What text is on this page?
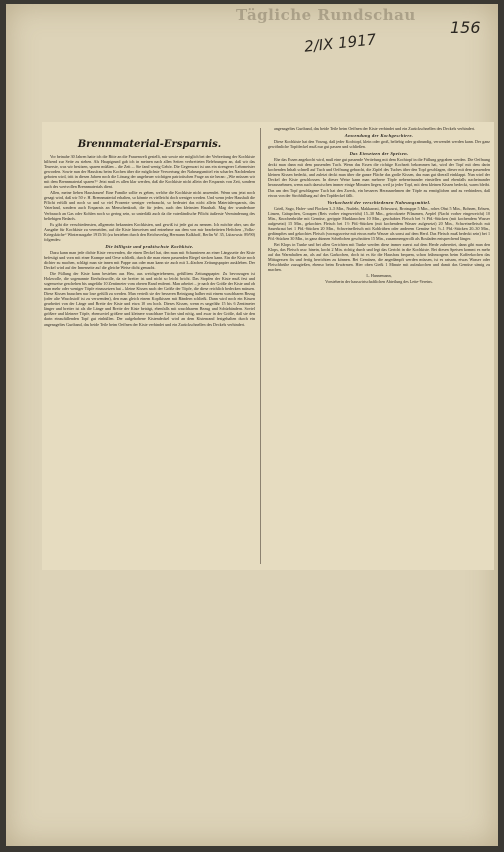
Tägliche Rundschau
2/IX 1917
156
Brennmaterial-Ersparnis.

Vor beinahe 30 Jahren hatte ich die Bitte an die Frauenwelt gestellt, mir sowie nie möglich bei der Verbreitung der Kochkiste hilfsend zur Seite zu stehen. Als Hauptgrund gab ich in meinen nach allen Seiten verbreiteten Belehrungen an, daß wir das Teuerste, was wir besitzen, sparen müßten – die Zeit –. Sie fand wenig Gehör. Die Gegenwart ist uns ein strengerer Lehrmeister geworden. Sowie nun der Hausfrau beim Kochen über die möglichste Verwertung der Nahrungsmittel ein scharfes Nachdenken geboten wird, tritt in diesen Jahren noch die Lösung der ungeheuer wichtigen patriotischen Frage an sie heran: „Wie müssen wir mit dem Brennmaterial sparen?“ Jetzt muß es allen klar werden, daß die Kochkiste nicht allein der Ersparnis von Zeit, sondern auch des wertvollen Brennmaterials dient.

Allen, meine lieben Hausfrauen! Eine Familie sollte es geben, welche die Kochkiste nicht anwendet. Wenn uns jetzt noch gesagt wird, daß wir 50 v. H. Brennmaterial erhalten, so könnte es vielleicht doch weniger werden. Und wenn jeder Haushalt die Pflicht erfüllt und noch so und so viel Prozente weniger verbraucht, so bedeutet das nicht allein Materialersparnis, das Vaterland, sondern auch Ersparnis an Menschenkraft, die für jeden, auch den kleinsten Haushalt. Mag der wunderbare Verbrauch an Gas oder Kohlen noch so gering sein, so unterläßt auch da die vaterländische Pflicht äußerste Verminderung des beliebigen Bedarfs.

Es gibt die verschiedensten, allgemein bekannten Kochkisten, und gewiß ist jede gut zu nennen. Ich möchte aber, um die Ausgabe für Kochkiste zu vermeiden, auf die Kiste hinweisen und entnehme aus dem von mir bearbeiteten Heftchen „Volks-Kriegsküche“ Winterausgabe 1915/16 (zu beziehen durch den Reichsverlag Hermann Kalkhoff, Berlin W. 35, Lützowstr. 89/90) folgendes:

Die billigste und praktischste Kochkiste.

Dazu kann man jede dichte Kiste verwenden, die einen Deckel hat, den man mit Scharnieren an einer Längsseite der Kiste befestigt und vorn mit einer Krampe und Oese schließt, durch die man einen passenden Riegel stecken kann. Ein die Kiste noch dichter zu machen, schlägt man sie innen mit Pappe aus oder man kann sie auch mit 3–4fachen Zeitungspapier auskleben. Der Deckel wird auf der Innenseite auf die gleiche Weise dicht gemacht.

Die Füllung der Kiste kann bestehen aus Heu, aus weichgeriebenem, gefülltem Zeitungspapier. Zu bevorzugen ist Holzwolle, die sogenannte Eierholzwolle, da sie breiter ist und nicht so leicht bricht. Das Stopfen der Kiste muß fest und sogenweise geschehen bis ungefähr 10 Zentimeter vom oberen Rand entfernt. Man arbeitet – je nach der Größe der Kiste und ob man mehr oder weniger Töpfe einzusetzen hat – kleine Kissen nach der Größe der Töpfe, die diese reichlich bedecken müssen. Diese Kissen brauchen nur lose gefüllt zu werden. Man verteilt sie der besseren Reinigung halber mit einem waschbaren Bezug (oder alte Waschstoff ist zu verwenden), den man gleich einem Kopfkissen mit Bändern schließt. Dann wird noch ein Kissen gearbeitet von der Länge und Breite der Kiste und etwa 10 cm hoch. Dieses Kissen, wenn es ungefähr 15 bis 6 Zentimeter länger und breiter ist als die Länge und Breite der Kiste beträgt, ebenfalls mit waschbarem Bezug und Schürbändern. Soviel größere und kleinere Töpfe, ebensoviel größere und kleinere waschbare Tücher sind nötig, und zwar in der Größe, daß sie den darin einzufüllenden Topf gut einhüllen. Der aufgehobene Kistendeckel wird an dem Kistenrand festgehalten durch ein angenageltes Gurtband, das beide Teile beim Oeffnen der Kiste verbindet und ein Zurückschnellen des Deckels verhindert.

angenageltes Gurtband, das beide Teile beim Oeffnen der Kiste verbindet und ein Zurückschnellen des Deckels verhindert.

Anwendung der Kochgeschirre.

Diese Kochkiste hat den Vorzug, daß jeder Kochtopf, klein oder groß, beliebig oder grabrundig, verwendet werden kann. Der ganz gewöhnliche Topfdeckel muß nur gut passen und schließen.

Das Einsetzen der Speisen.

Ehe das Essen angekocht wird, muß eine gut passende Vertiefung mit dem Kochtopf in die Füllung gegraben werden. Die Oeffnung deckt man dann mit dem passenden Tuch. Wenn das Essen die richtige Kochzeit bekommen hat, wird der Topf mit dem darin kochenden Inhalt schnell auf Tuch und Oeffnung gebracht, die Zipfel des Tuches über den Topf geschlagen, dieser mit dem passenden kleinen Kissen bedeckt, und zuletzt deckt man über die ganze Fläche das große Kissen, das man gut überall einklappt. Nun wird der Deckel der Kiste geschlossen. In dieser Weise kann man mehrere Töpfe nebeneinander einstellen und ebenfalls nacheinander herausnehmen, wenn auch dazwischen immer einige Minuten liegen, weil ja jeder Topf, mit dem kleinen Kissen bedeckt, warm bleibt. Das um den Topf geschlagene Tuch hat den Zweck, ein besseres Herausnehmen der Töpfe zu ermöglichen und zu verhindern, daß etwas von der Strohfüllung auf den Topfdeckel fällt.

Vorkochzeit der verschiedenen Nahrungsmittel.

Grieß, Sago, Hafer- und Flocken 3–5 Min., Nudeln, Makkaroni, Erbswurst, Brotsuppe 5 Min., rohes Obst 5 Min., Bohnen, Erbsen, Linsen, Gräupchen, Graupen (Reis vorher eingeweicht) 15–30 Min., getrocknete Pflaumen, Aepfel (Nacht vorher eingeweicht) 10 Min., Knochenbrühe mit Gemüse, gerippte Markknochen 10 Min., geschabtes Fleisch bei ½ Pfd.-Stücken (mit kochendem Wasser aufgesetzt) 15 Min., gekochtes Fleisch bei 1½ Pfd.-Stücken (mit kochendem Wasser aufgesetzt) 20 Min., Schweinefleisch mit Sauerkraut bei 1 Pfd.-Stücken 20 Min., Schweinefleisch mit Kohlrüben oder anderem Gemüse bei ½–1 Pfd.-Stücken 20–30 Min., gedämpftes und gekochtes Fleisch (vorzugsweise mit etwas mehr Wasser als sonst auf dem Herd. Das Fleisch muß bedeckt sein) bei 1 Pfd.-Stücken 30 Min., in ganz dünnen Scheibchen geschnitten 15 Min., zusammengerollt als Rouladen entsprechend länger.

Bei Klops in Tunke und bei allen Gerichten mit Tunke werden diese immer zuerst auf dem Herde zubereitet, dann gibt man den Klops, das Fleisch usw. hinein, kocht 2 Min. richtig durch und legt das Gericht in die Kochkiste. Bei diesen Speisen kommt es mehr auf das Warmhalten an, als auf das Garkochen, doch ist es für die Hausfrau bequem, schon frühmorgens beim Kaffeekochen das Mittagessen fix und fertig herrichten zu können. Bei Gemüsen, die angedämpft werden müssen, ist es ratsam, etwas Wasser oder Fleischbrühe zuzugießen, ebenso beim Erwärmen. Hier oben Gießt 1 Minute mit aufzukochen und damit das Gemüse sämig zu machen.

L. Hannemann,
Vorsteherin der hauswirtschaftlichen Abteilung des Lette-Vereins.
